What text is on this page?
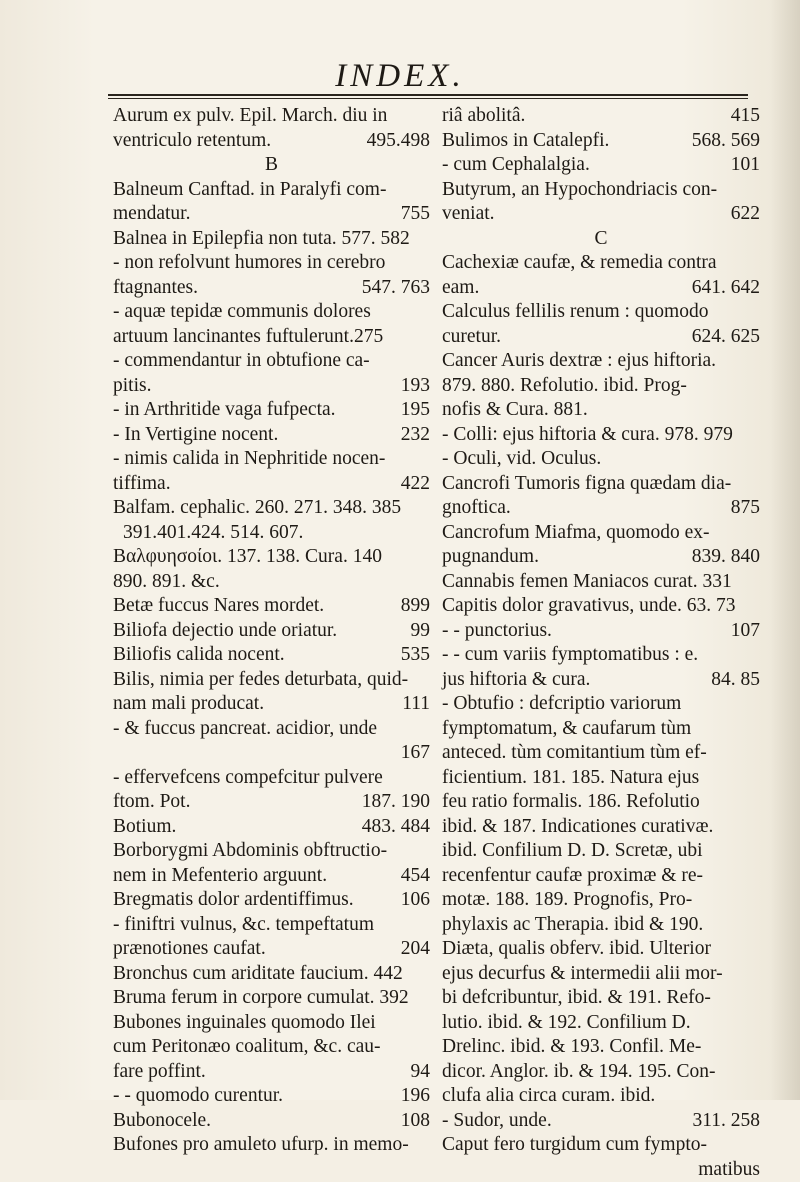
INDEX.
Aurum ex pulv. Epil. March. diu in
ventriculo retentum.	495.498
B
Balneum Canftad. in Paralyfi com-
mendatur.	755
Balnea in Epilepfia non tuta. 577. 582
- non refolvunt humores in cerebro
ftagnantes.	547. 763
- aquæ tepidæ communis dolores
artuum lancinantes fuftulerunt.275
- commendantur in obtufione ca-
pitis.	193
- in Arthritide vaga fufpecta.	195
- In Vertigine nocent.	232
- nimis calida in Nephritide nocen-
tiffima.	422
Balfam. cephalic. 260. 271. 348. 385
391.401.424. 514. 607.
Βαλφυησοίοι. 137. 138. Cura. 140
890. 891. &c.
Betæ fuccus Nares mordet.	899
Biliofa dejectio unde oriatur.	99
Biliofis calida nocent.	535
Bilis, nimia per fedes deturbata, quid-
nam mali producat.	111
- & fuccus pancreat. acidior, unde
167
- effervefcens compefcitur pulvere
ftom. Pot.	187. 190
Botium.	483. 484
Borborygmi Abdominis obftructio-
nem in Mefenterio arguunt.	454
Bregmatis dolor ardentiffimus. 106
- finiftri vulnus, &c. tempeftatum
prænotiones caufat.	204
Bronchus cum ariditate faucium. 442
Bruma ferum in corpore cumulat. 392
Bubones inguinales quomodo Ilei
cum Peritonæo coalitum, &c. cau-
fare poffint.	94
- - quomodo curentur.	196
Bubonocele.	108
Bufones pro amuleto ufurp. in memo-
riâ abolitâ.	415
Bulimos in Catalepfi.	568. 569
- cum Cephalalgia.	101
Butyrum, an Hypochondriacis con-
veniat.	622
C
Cachexiæ caufæ, & remedia contra
eam.	641. 642
Calculus fellilis renum : quomodo
curetur.	624. 625
Cancer Auris dextræ : ejus hiftoria.
879. 880. Refolutio. ibid. Prog-
nofis & Cura. 881.
- Colli: ejus hiftoria & cura. 978. 979
- Oculi, vid. Oculus.
Cancrofi Tumoris figna quædam dia-
gnoftica.	875
Cancrofum Miafma, quomodo ex-
pugnandum.	839. 840
Cannabis femen Maniacos curat. 331
Capitis dolor gravativus, unde. 63. 73
- - punctorius.	107
- - cum variis fymptomatibus : e.
jus hiftoria & cura.	84. 85
- Obtufio : defcriptio variorum
fymptomatum, & caufarum tùm
anteced. tùm comitantium tùm ef-
ficientium. 181. 185. Natura ejus
feu ratio formalis. 186. Refolutio
ibid. & 187. Indicationes curativæ.
ibid. Confilium D. D. Scretæ, ubi
recenfentur caufæ proximæ & re-
motæ. 188. 189. Prognofis, Pro-
phylaxis ac Therapia. ibid & 190.
Diæta, qualis obferv. ibid. Ulterior
ejus decurfus & intermedii alii mor-
bi defcribuntur, ibid. & 191. Refo-
lutio. ibid. & 192. Confilium D.
Drelinc. ibid. & 193. Confil. Me-
dicor. Anglor. ib. & 194. 195. Con-
clufa alia circa curam. ibid.
- Sudor, unde.	311. 258
Caput fero turgidum cum fympto-
matibus
